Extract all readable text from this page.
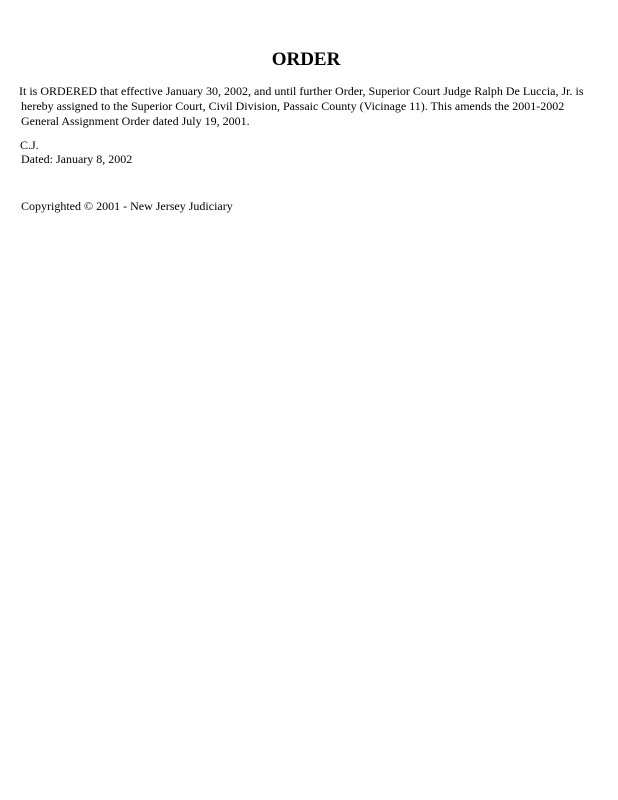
ORDER
It is ORDERED that effective January 30, 2002, and until further Order, Superior Court Judge Ralph De Luccia, Jr. is
hereby assigned to the Superior Court, Civil Division, Passaic County (Vicinage 11). This amends the 2001-2002
General Assignment Order dated July 19, 2001.
C.J.
Dated: January 8, 2002
Copyrighted © 2001 - New Jersey Judiciary
